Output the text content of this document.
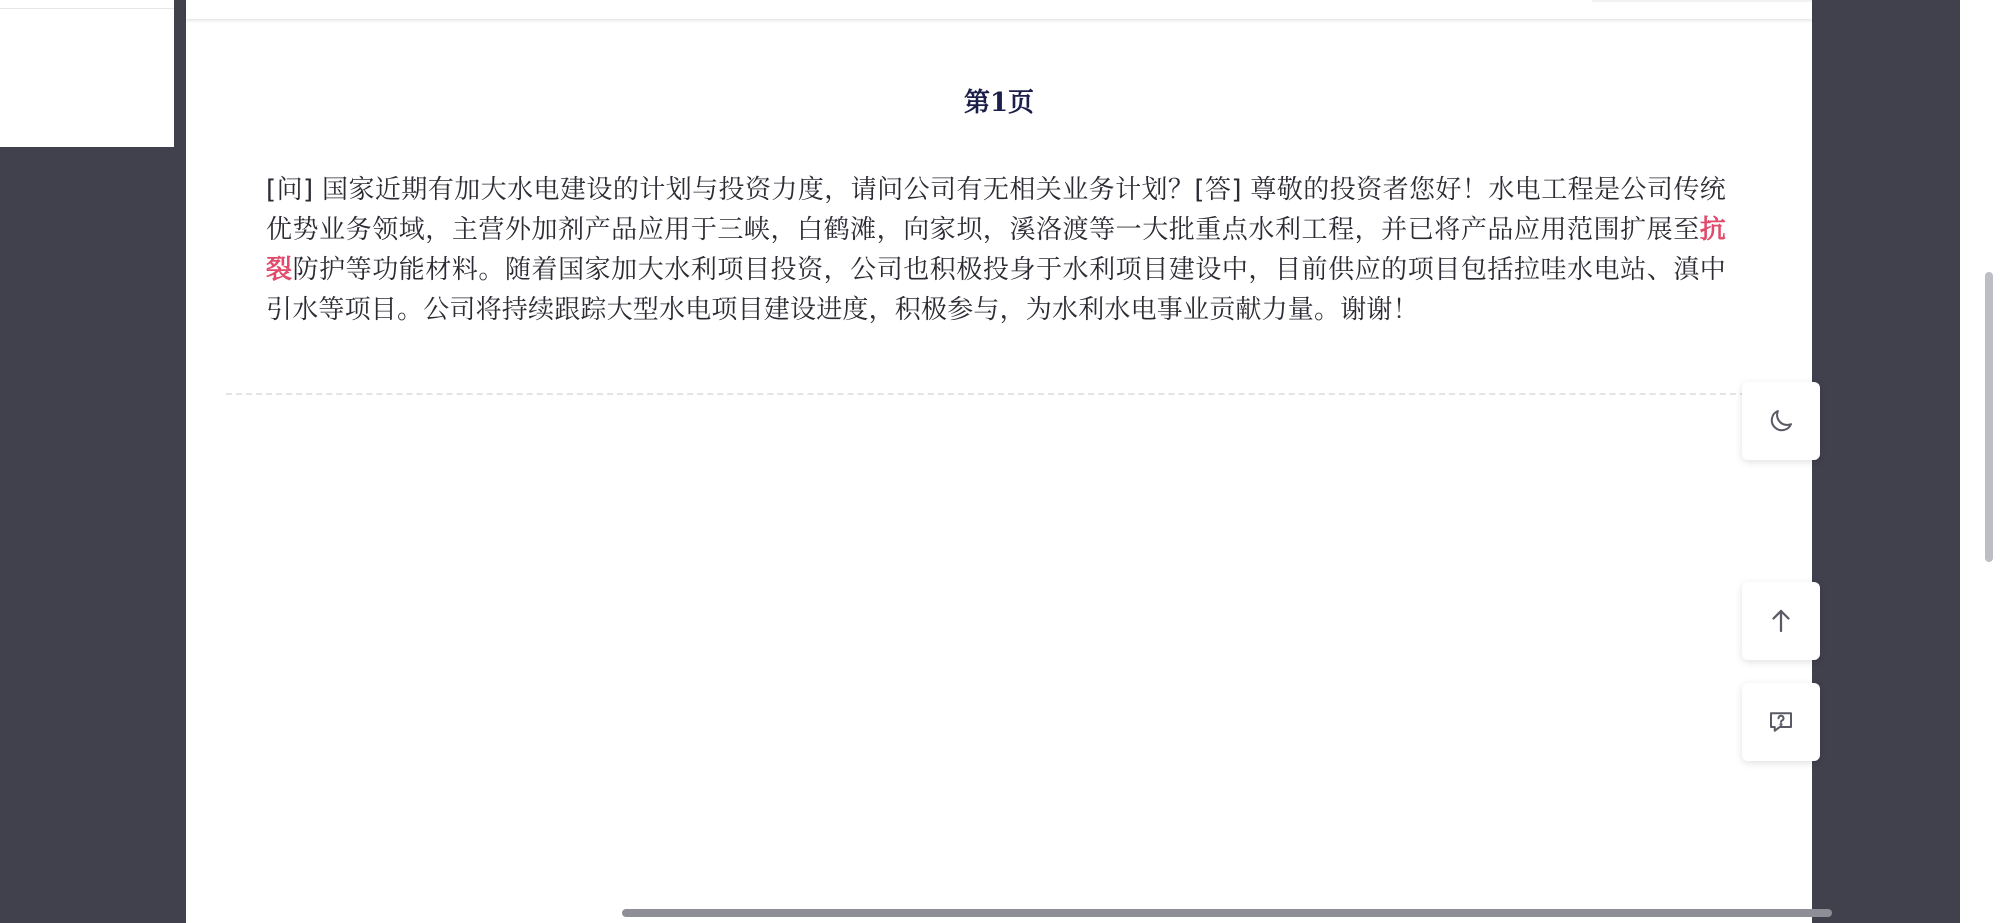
第1页
[问] 国家近期有加大水电建设的计划与投资力度，请问公司有无相关业务计划？[答] 尊敬的投资者您好！水电工程是公司传统优势业务领域，主营外加剂产品应用于三峡，白鹤滩，向家坝，溪洛渡等一大批重点水利工程，并已将产品应用范围扩展至抗裂防护等功能材料。随着国家加大水利项目投资，公司也积极投身于水利项目建设中，目前供应的项目包括拉哇水电站、滇中引水等项目。公司将持续跟踪大型水电项目建设进度，积极参与，为水利水电事业贡献力量。谢谢！
